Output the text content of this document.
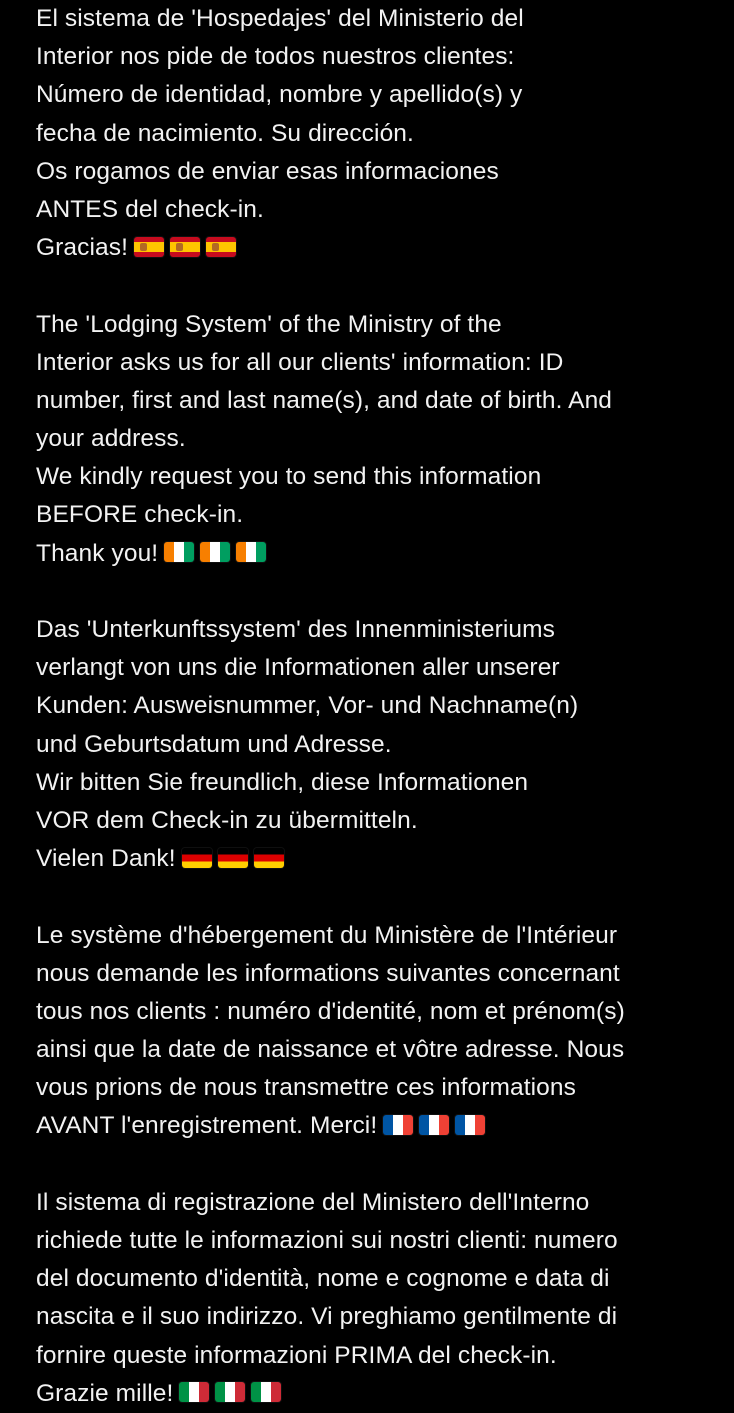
El sistema de 'Hospedajes' del Ministerio del
Interior nos pide de todos nuestros clientes:
Número de identidad, nombre y apellido(s) y
fecha de nacimiento. Su dirección.
Os rogamos de enviar esas informaciones
ANTES del check-in.
Gracias!
The 'Lodging System' of the Ministry of the
Interior asks us for all our clients' information: ID
number, first and last name(s), and date of birth. And
your address.
We kindly request you to send this information
BEFORE check-in.
Thank you!
Das 'Unterkunftssystem' des Innenministeriums
verlangt von uns die Informationen aller unserer
Kunden: Ausweisnummer, Vor- und Nachname(n)
und Geburtsdatum und Adresse.
Wir bitten Sie freundlich, diese Informationen
VOR dem Check-in zu übermitteln.
Vielen Dank!
Le système d'hébergement du Ministère de l'Intérieur
nous demande les informations suivantes concernant
tous nos clients : numéro d'identité, nom et prénom(s)
ainsi que la date de naissance et vôtre adresse. Nous
vous prions de nous transmettre ces informations
AVANT l'enregistrement. Merci!
Il sistema di registrazione del Ministero dell'Interno
richiede tutte le informazioni sui nostri clienti: numero
del documento d'identità, nome e cognome e data di
nascita e il suo indirizzo. Vi preghiamo gentilmente di
fornire queste informazioni PRIMA del check-in.
Grazie mille!
